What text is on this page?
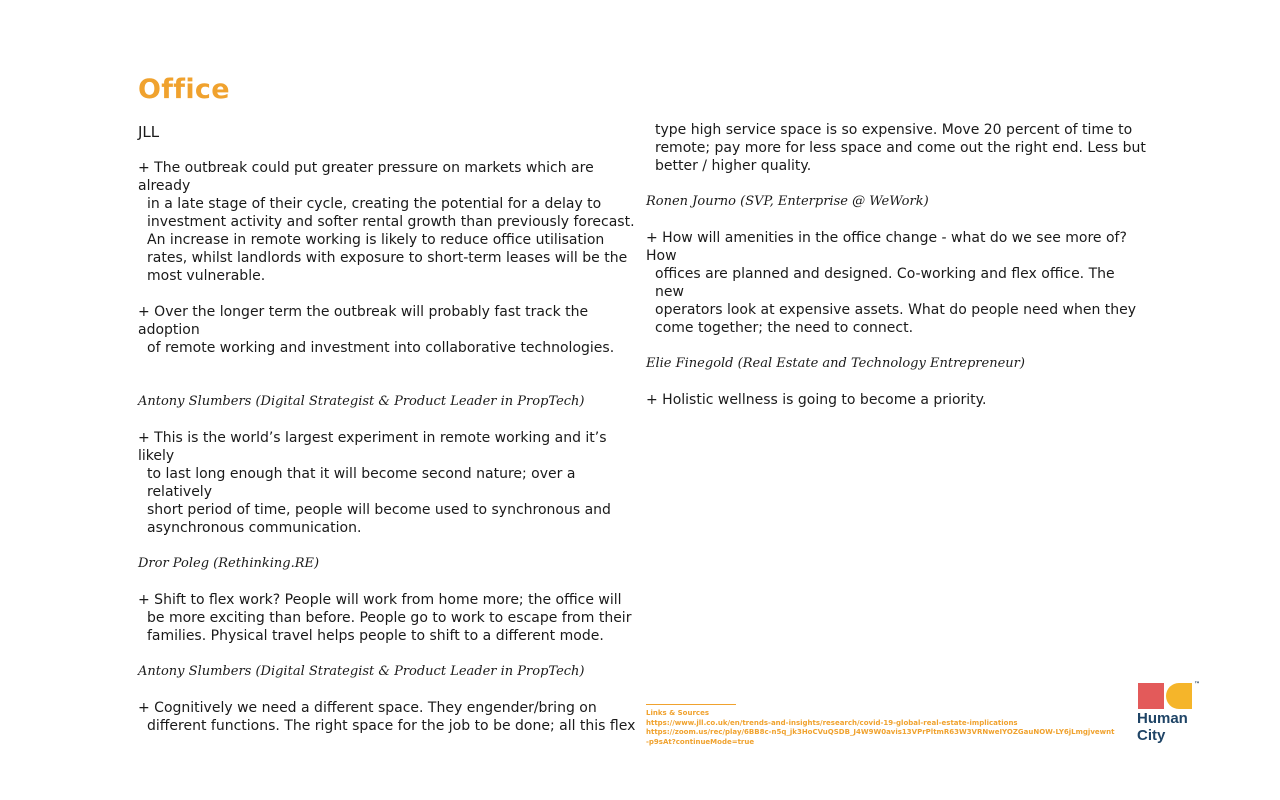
Office
JLL
+ The outbreak could put greater pressure on markets which are already
in a late stage of their cycle, creating the potential for a delay to
investment activity and softer rental growth than previously forecast.
An increase in remote working is likely to reduce office utilisation
rates, whilst landlords with exposure to short-term leases will be the
most vulnerable.
+ Over the longer term the outbreak will probably fast track the adoption
of remote working and investment into collaborative technologies.

Antony Slumbers (Digital Strategist & Product Leader in PropTech)

+ This is the world’s largest experiment in remote working and it’s likely
to last long enough that it will become second nature; over a relatively
short period of time, people will become used to synchronous and
asynchronous communication.

Dror Poleg (Rethinking.RE)

+ Shift to flex work? People will work from home more; the office will
be more exciting than before. People go to work to escape from their
families. Physical travel helps people to shift to a different mode.

Antony Slumbers (Digital Strategist & Product Leader in PropTech)

+ Cognitively we need a different space. They engender/bring on
different functions. The right space for the job to be done; all this flex
type high service space is so expensive. Move 20 percent of time to
remote; pay more for less space and come out the right end. Less but
better / higher quality.

Ronen Journo (SVP, Enterprise @ WeWork)

+ How will amenities in the office change - what do we see more of? How
offices are planned and designed. Co-working and flex office. The new
operators look at expensive assets. What do people need when they
come together; the need to connect.

Elie Finegold (Real Estate and Technology Entrepreneur)

+ Holistic wellness is going to become a priority.
Links & Sources
https://www.jll.co.uk/en/trends-and-insights/research/covid-19-global-real-estate-implications
https://zoom.us/rec/play/6BB8c-n5q_jk3HoCVuQSDB_J4W9W0avis13VPrPltmR63W3VRNweIYOZGauNOW-LY6jLmgjvewnt-p9sAt?continueMode=true
™
Human
City
